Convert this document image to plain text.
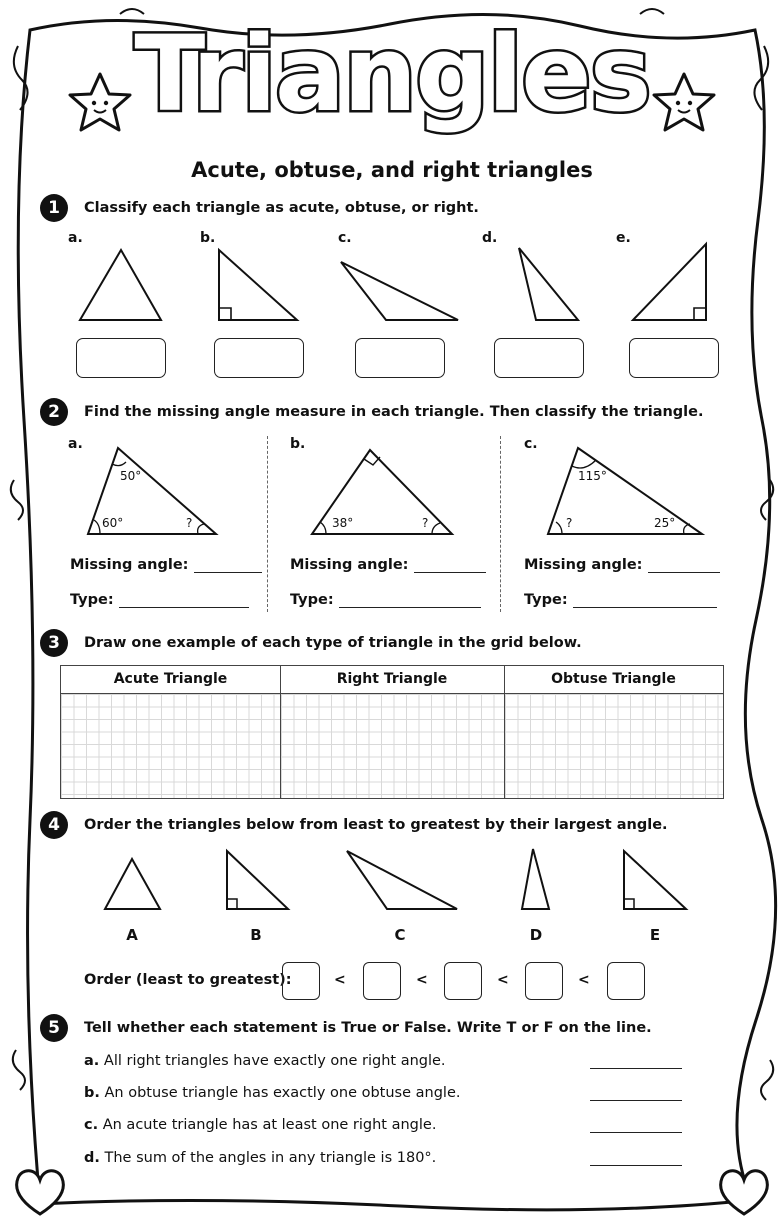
Triangles
Acute, obtuse, and right triangles
1	Classify each triangle as acute, obtuse, or right.
a.	b.	c.	d.	e.
2	Find the missing angle measure in each triangle. Then classify the triangle.
a.	b.	c.
50°
60°	?	38°	?
115°
?	25°
Missing angle:
Type:
Missing angle:
Type:
Missing angle:
Type:
3	Draw one example of each type of triangle in the grid below.
Acute Triangle	Right Triangle	Obtuse Triangle
4	Order the triangles below from least to greatest by their largest angle.
A	B	C	D	E
Order (least to greatest):	<	<	<	<
5	Tell whether each statement is True or False. Write T or F on the line.
a. All right triangles have exactly one right angle.
b. An obtuse triangle has exactly one obtuse angle.
c. An acute triangle has at least one right angle.
d. The sum of the angles in any triangle is 180°.
